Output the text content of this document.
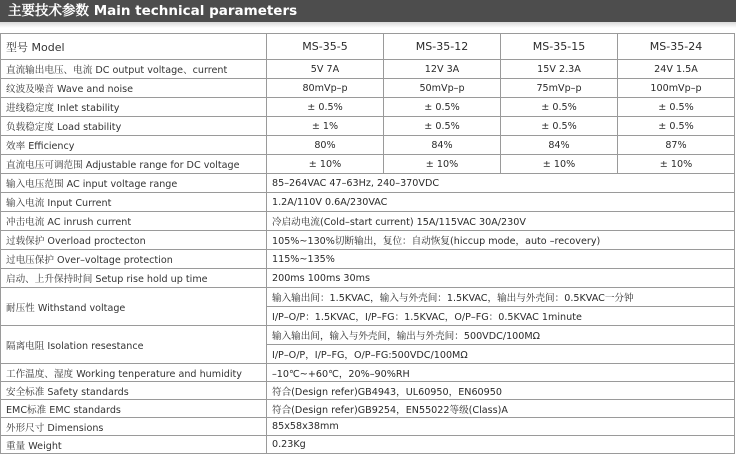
主要技术参数 Main technical parameters
型号 Model	MS-35-5	MS-35-12	MS-35-15	MS-35-24
直流输出电压、电流 DC output voltage、current	5V 7A	12V 3A	15V 2.3A	24V 1.5A
纹波及噪音 Wave and noise	80mVp–p	50mVp–p	75mVp–p	100mVp–p
进线稳定度 Inlet stability	± 0.5%	± 0.5%	± 0.5%	± 0.5%
负载稳定度 Load stability	± 1%	± 0.5%	± 0.5%	± 0.5%
效率 Efficiency	80%	84%	84%	87%
直流电压可调范围 Adjustable range for DC voltage	± 10%	± 10%	± 10%	± 10%
输入电压范围 AC input voltage range	85–264VAC 47–63Hz, 240–370VDC			
输入电流 Input Current	1.2A/110V 0.6A/230VAC			
冲击电流 AC inrush current	冷启动电流(Cold–start current) 15A/115VAC 30A/230V			
过载保护 Overload proctecton	105%~130%切断输出，复位：自动恢复(hiccup mode，auto –recovery)			
过电压保护 Over–voltage protection	115%~135%			
启动、上升保持时间 Setup rise hold up time	200ms 100ms 30ms			
耐压性 Withstand voltage	输入输出间：1.5KVAC，输入与外壳间：1.5KVAC，输出与外壳间：0.5KVAC一分钟			
	I/P–O/P：1.5KVAC，I/P–FG：1.5KVAC，O/P–FG：0.5KVAC 1minute			
隔离电阻 Isolation resestance	输入输出间，输入与外壳间，输出与外壳间：500VDC/100MΩ			
	I/P–O/P，I/P–FG，O/P–FG:500VDC/100MΩ			
工作温度、湿度 Working tenperature and humidity	–10℃~+60℃，20%–90%RH			
安全标准 Safety standards	符合(Design refer)GB4943，UL60950，EN60950			
EMC标准 EMC standards	符合(Design refer)GB9254，EN55022等级(Class)A			
外形尺寸 Dimensions	85x58x38mm			
重量 Weight	0.23Kg			
